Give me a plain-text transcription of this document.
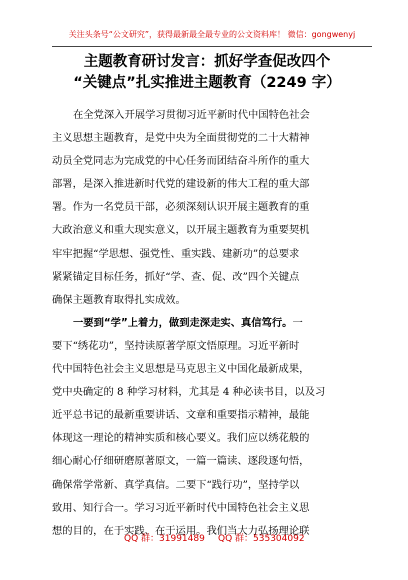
关注头条号“公文研究”，获得最新最全最专业的公文资料库！ 微信：gongwenyj
主题教育研讨发言：抓好学查促改四个
“关键点”扎实推进主题教育（2249 字）
在全党深入开展学习贯彻习近平新时代中国特色社会
主义思想主题教育，是党中央为全面贯彻党的二十大精神
动员全党同志为完成党的中心任务而团结奋斗所作的重大
部署，是深入推进新时代党的建设新的伟大工程的重大部
署。作为一名党员干部，必须深刻认识开展主题教育的重
大政治意义和重大现实意义，以开展主题教育为重要契机
牢牢把握“学思想、强党性、重实践、建新功”的总要求
紧紧锚定目标任务，抓好“学、查、促、改”四个关键点
确保主题教育取得扎实成效。
一要到“学”上着力，做到走深走实、真信笃行。一
要下“绣花功”，坚持读原著学原文悟原理。习近平新时
代中国特色社会主义思想是马克思主义中国化最新成果，
党中央确定的 8 种学习材料，尤其是 4 种必读书目，以及习
近平总书记的最新重要讲话、文章和重要指示精神，最能
体现这一理论的精神实质和核心要义。我们应以绣花般的
细心耐心仔细研磨原著原文，一篇一篇读、逐段逐句悟，
确保常学常新、真学真信。二要下“践行功”，坚持学以
致用、知行合一。学习习近平新时代中国特色社会主义思
想的目的，在于实践、在于运用。我们当大力弘扬理论联
QQ 群：31991489 QQ 群：535304092
